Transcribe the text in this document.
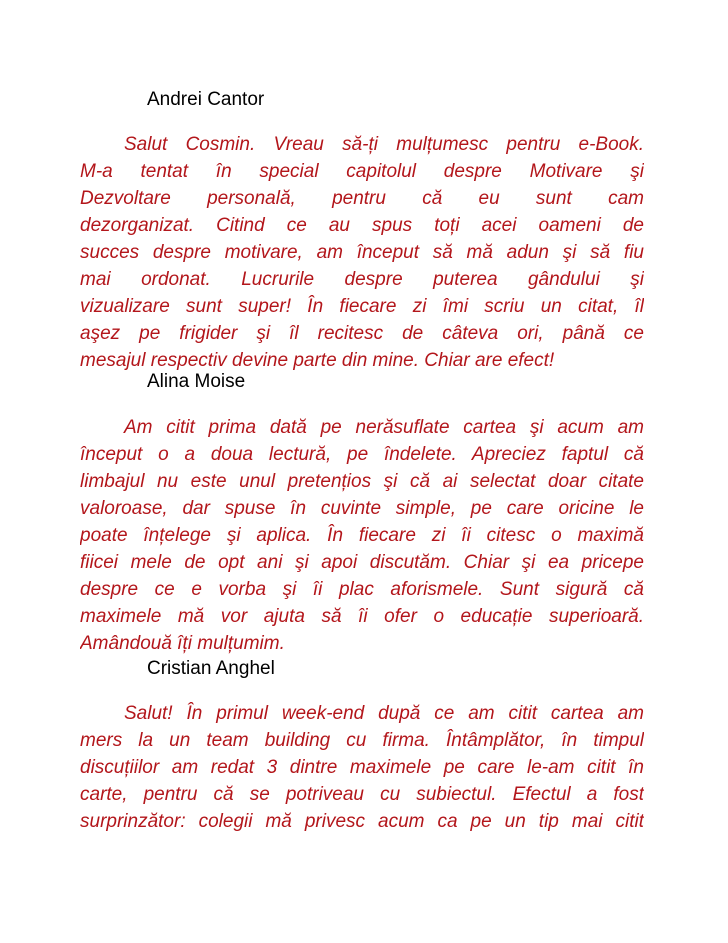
Andrei Cantor
Salut Cosmin. Vreau să-ți mulțumesc pentru e-Book.
M-a tentat în special capitolul despre Motivare şi
Dezvoltare personală, pentru că eu sunt cam
dezorganizat. Citind ce au spus toți acei oameni de
succes despre motivare, am început să mă adun şi să fiu
mai ordonat. Lucrurile despre puterea gândului şi
vizualizare sunt super! În fiecare zi îmi scriu un citat, îl
aşez pe frigider şi îl recitesc de câteva ori, până ce
mesajul respectiv devine parte din mine. Chiar are efect!
Alina Moise
Am citit prima dată pe nerăsuflate cartea şi acum am
început o a doua lectură, pe îndelete. Apreciez faptul că
limbajul nu este unul pretențios şi că ai selectat doar citate
valoroase, dar spuse în cuvinte simple, pe care oricine le
poate înțelege şi aplica. În fiecare zi îi citesc o maximă
fiicei mele de opt ani şi apoi discutăm. Chiar şi ea pricepe
despre ce e vorba şi îi plac aforismele. Sunt sigură că
maximele mă vor ajuta să îi ofer o educație superioară.
Amândouă îți mulțumim.
Cristian Anghel
Salut! În primul week-end după ce am citit cartea am
mers la un team building cu firma. Întâmplător, în timpul
discuțiilor am redat 3 dintre maximele pe care le-am citit în
carte, pentru că se potriveau cu subiectul. Efectul a fost
surprinzător: colegii mă privesc acum ca pe un tip mai citit
